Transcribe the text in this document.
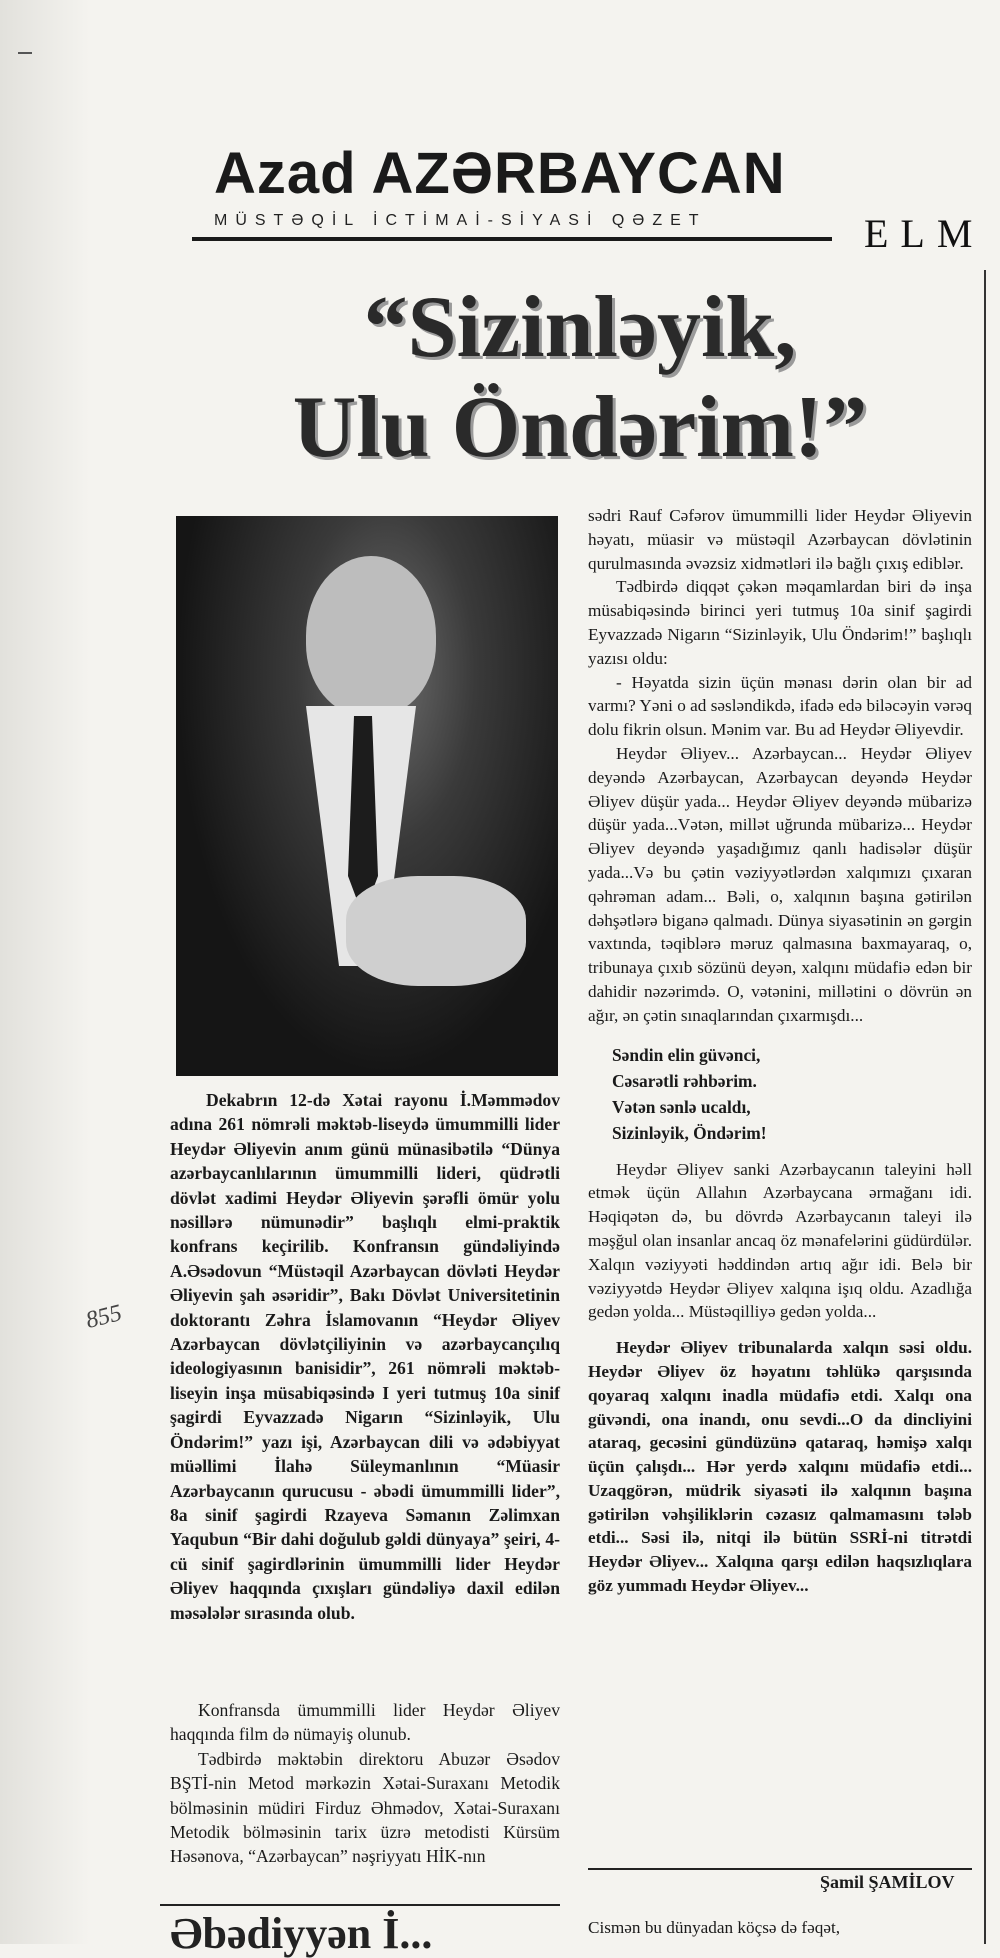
Azad AZƏRBAYCAN
MÜSTƏQİL İCTİMAİ-SİYASİ QƏZET	ELM
“Sizinləyik,
Ulu Öndərim!”

Dekabrın 12-də Xətai rayonu İ.Məmmədov adına 261 nömrəli məktəb-liseydə ümummilli lider Heydər Əliyevin anım günü münasibətilə “Dünya azərbaycanlılarının ümummilli lideri, qüdrətli dövlət xadimi Heydər Əliyevin şərəfli ömür yolu nəsillərə nümunədir” başlıqlı elmi-praktik konfrans keçirilib. Konfransın gündəliyində A.Əsədovun “Müstəqil Azərbaycan dövləti Heydər Əliyevin şah əsəridir”, Bakı Dövlət Universitetinin doktorantı Zəhra İslamovanın “Heydər Əliyev Azərbaycan dövlətçiliyinin və azərbaycançılıq ideologiyasının banisidir”, 261 nömrəli məktəb-liseyin inşa müsabiqəsində I yeri tutmuş 10a sinif şagirdi Eyvazzadə Nigarın “Sizinləyik, Ulu Öndərim!” yazı işi, Azərbaycan dili və ədəbiyyat müəllimi İlahə Süleymanlının “Müasir Azərbaycanın qurucusu - əbədi ümummilli lider”, 8a sinif şagirdi Rzayeva Səmanın Zəlimxan Yaqubun “Bir dahi doğulub gəldi dünyaya” şeiri, 4-cü sinif şagirdlərinin ümummilli lider Heydər Əliyev haqqında çıxışları gündəliyə daxil edilən məsələlər sırasında olub.

Konfransda ümummilli lider Heydər Əliyev haqqında film də nümayiş olunub.

Tədbirdə məktəbin direktoru Abuzər Əsədov BŞTİ-nin Metod mərkəzin Xətai-Suraxanı Metodik bölməsinin müdiri Firduz Əhmədov, Xətai-Suraxanı Metodik bölməsinin tarix üzrə metodisti Kürsüm Həsənova, “Azərbaycan” nəşriyyatı HİK-nın

sədri Rauf Cəfərov ümummilli lider Heydər Əliyevin həyatı, müasir və müstəqil Azərbaycan dövlətinin qurulmasında əvəzsiz xidmətləri ilə bağlı çıxış ediblər.

Tədbirdə diqqət çəkən məqamlardan biri də inşa müsabiqəsində birinci yeri tutmuş 10a sinif şagirdi Eyvazzadə Nigarın “Sizinləyik, Ulu Öndərim!” başlıqlı yazısı oldu:

- Həyatda sizin üçün mənası dərin olan bir ad varmı? Yəni o ad səsləndikdə, ifadə edə biləcəyin vərəq dolu fikrin olsun. Mənim var. Bu ad Heydər Əliyevdir.

Heydər Əliyev... Azərbaycan... Heydər Əliyev deyəndə Azərbaycan, Azərbaycan deyəndə Heydər Əliyev düşür yada... Heydər Əliyev deyəndə mübarizə düşür yada...Vətən, millət uğrunda mübarizə... Heydər Əliyev deyəndə yaşadığımız qanlı hadisələr düşür yada...Və bu çətin vəziyyətlərdən xalqımızı çıxaran qəhrəman adam... Bəli, o, xalqının başına gətirilən dəhşətlərə biganə qalmadı. Dünya siyasətinin ən gərgin vaxtında, təqiblərə məruz qalmasına baxmayaraq, o, tribunaya çıxıb sözünü deyən, xalqını müdafiə edən bir dahidir nəzərimdə. O, vətənini, millətini o dövrün ən ağır, ən çətin sınaqlarından çıxarmışdı...

Səndin elin güvənci,
Cəsarətli rəhbərim.
Vətən sənlə ucaldı,
Sizinləyik, Öndərim!

Heydər Əliyev sanki Azərbaycanın taleyini həll etmək üçün Allahın Azərbaycana ərmağanı idi. Həqiqətən də, bu dövrdə Azərbaycanın taleyi ilə məşğul olan insanlar ancaq öz mənafelərini güdürdülər. Xalqın vəziyyəti həddindən artıq ağır idi. Belə bir vəziyyətdə Heydər Əliyev xalqına işıq oldu. Azadlığa gedən yolda... Müstəqilliyə gedən yolda...

Heydər Əliyev tribunalarda xalqın səsi oldu. Heydər Əliyev öz həyatını təhlükə qarşısında qoyaraq xalqını inadla müdafiə etdi. Xalqı ona güvəndi, ona inandı, onu sevdi...O da dincliyini ataraq, gecəsini gündüzünə qataraq, həmişə xalqı üçün çalışdı... Hər yerdə xalqını müdafiə etdi... Uzaqgörən, müdrik siyasəti ilə xalqının başına gətirilən vəhşiliklərin cəzasız qalmamasını tələb etdi... Səsi ilə, nitqi ilə bütün SSRİ-ni titrətdi Heydər Əliyev... Xalqına qarşı edilən haqsızlıqlara göz yummadı Heydər Əliyev...

Şamil ŞAMİLOV
Əbədiyyən İ...	Cismən bu dünyadan köçsə də fəqət,
855
